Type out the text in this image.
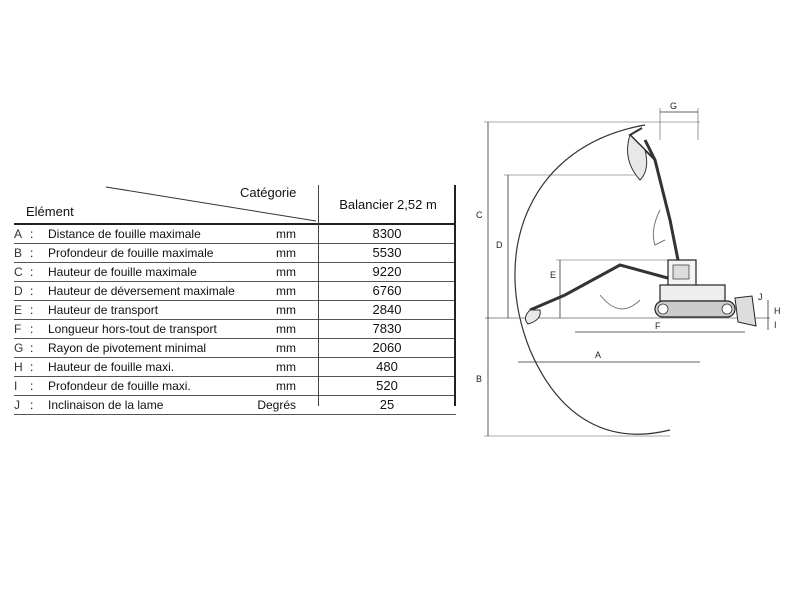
Catégorie
Elément	Balancier 2,52 m
A : Distance de fouille maximale	mm	8300
B : Profondeur de fouille maximale	mm	5530
C : Hauteur de fouille maximale	mm	9220
D : Hauteur de déversement maximale	mm	6760
E : Hauteur de transport	mm	2840
F : Longueur hors-tout de transport	mm	7830
G : Rayon de pivotement minimal	mm	2060
H : Hauteur de fouille maxi.	mm	480
I	: Profondeur de fouille maxi.	mm	520
J : Inclinaison de la lame	Degrés	25
C
B
D
E
A
F
G
H
I
J
